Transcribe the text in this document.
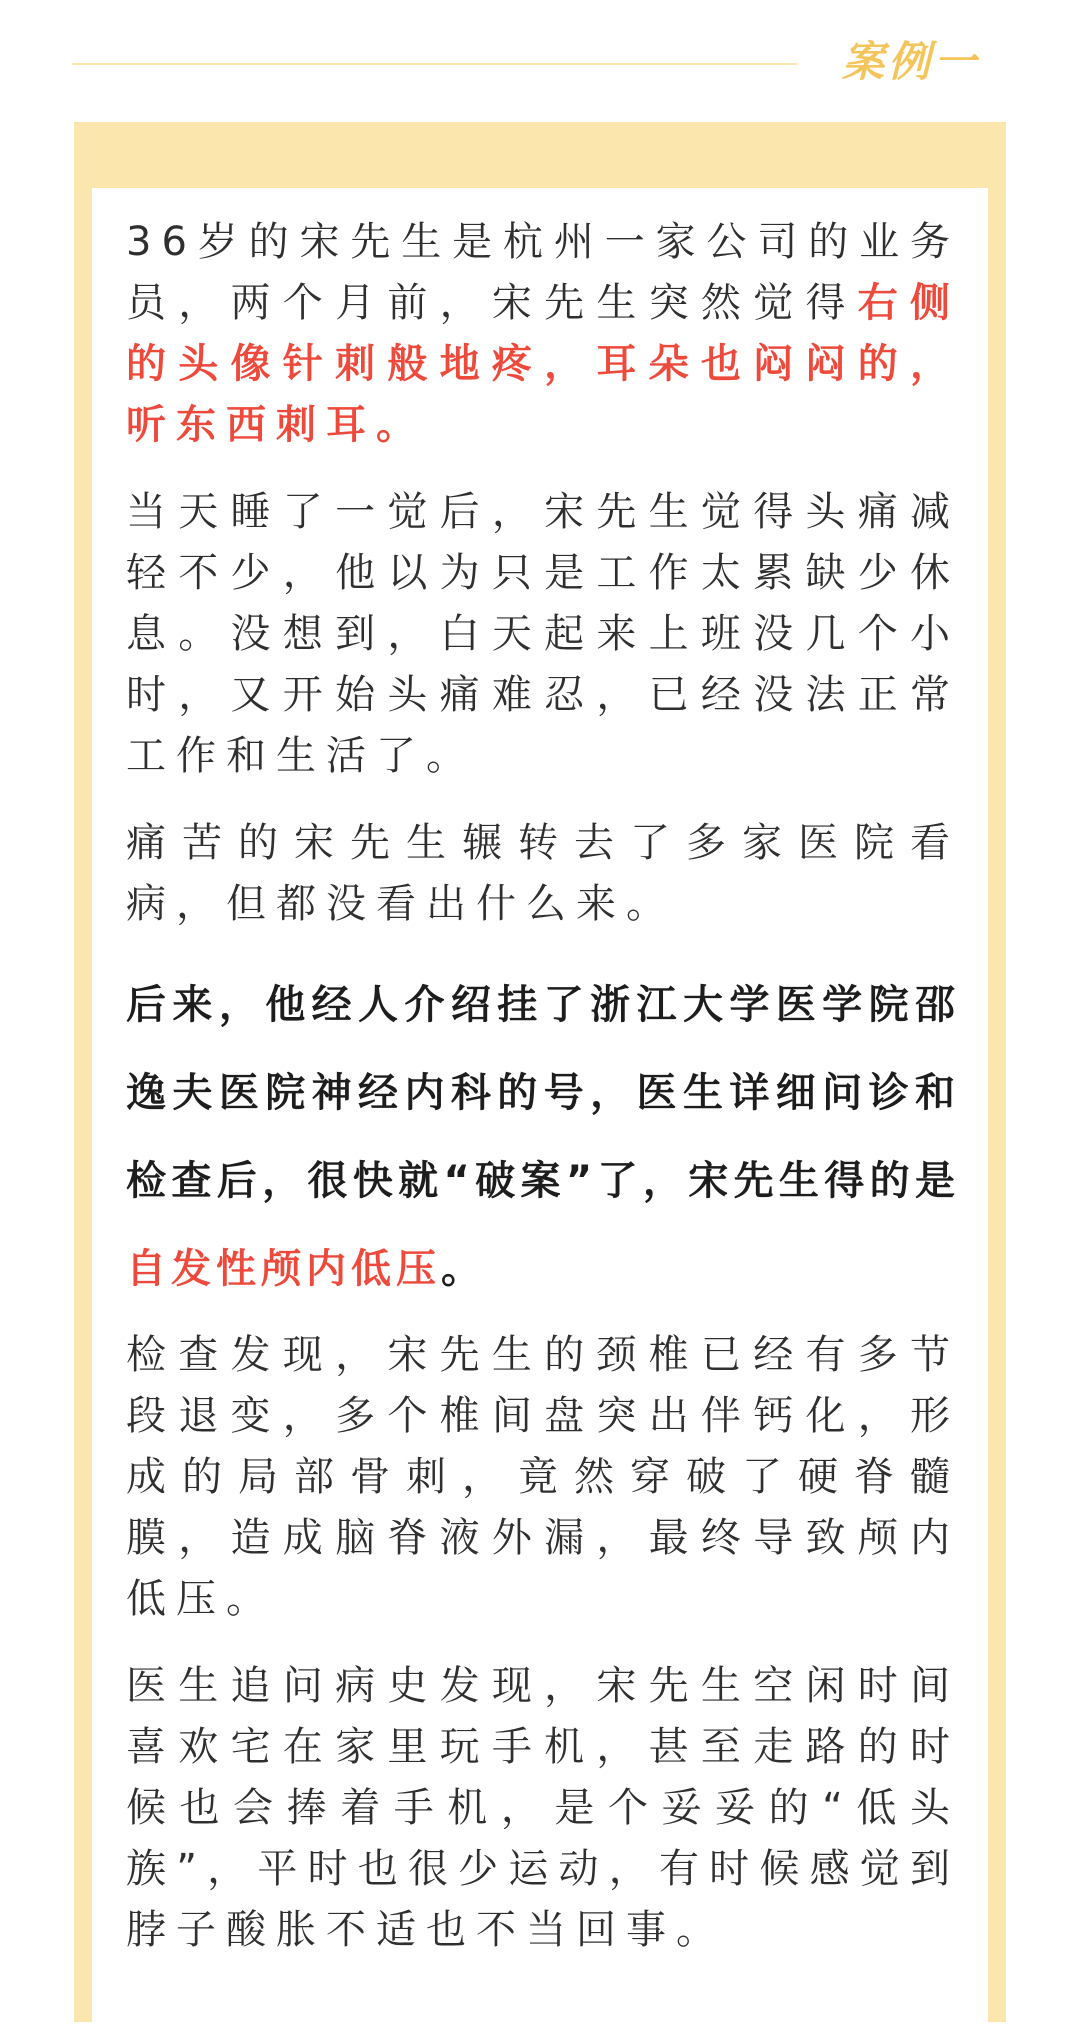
案例一

36岁的宋先生是杭州一家公司的业务员，两个月前，宋先生突然觉得右侧的头像针刺般地疼，耳朵也闷闷的，听东西刺耳。

当天睡了一觉后，宋先生觉得头痛减轻不少，他以为只是工作太累缺少休息。没想到，白天起来上班没几个小时，又开始头痛难忍，已经没法正常工作和生活了。

痛苦的宋先生辗转去了多家医院看病，但都没看出什么来。

后来，他经人介绍挂了浙江大学医学院邵逸夫医院神经内科的号，医生详细问诊和检查后，很快就“破案”了，宋先生得的是自发性颅内低压。

检查发现，宋先生的颈椎已经有多节段退变，多个椎间盘突出伴钙化，形成的局部骨刺，竟然穿破了硬脊髓膜，造成脑脊液外漏，最终导致颅内低压。

医生追问病史发现，宋先生空闲时间喜欢宅在家里玩手机，甚至走路的时候也会捧着手机，是个妥妥的“低头族”，平时也很少运动，有时候感觉到脖子酸胀不适也不当回事。
